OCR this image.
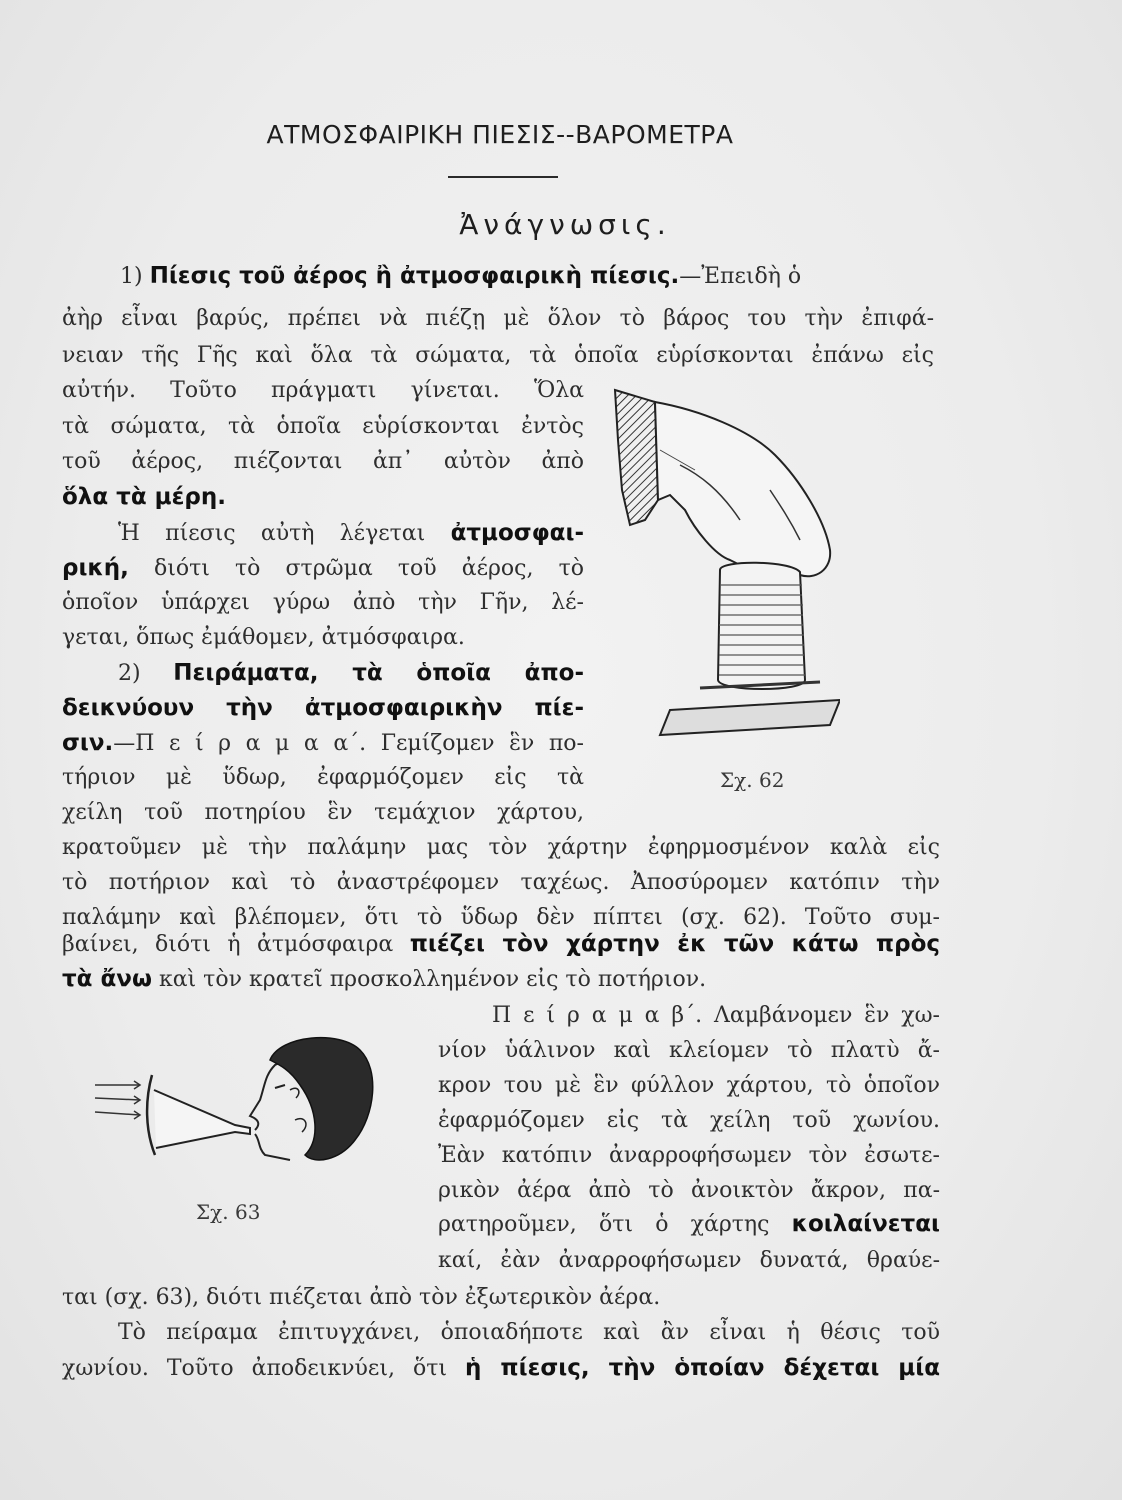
ΑΤΜΟΣΦΑΙΡΙΚΗ ΠΙΕΣΙΣ--ΒΑΡΟΜΕΤΡΑ
Ἀνάγνωσις.
1) Πίεσις τοῦ ἀέρος ἢ ἀτμοσφαιρικὴ πίεσις.—Ἐπειδὴ ὁ
ἀὴρ εἶναι βαρύς, πρέπει νὰ πιέζῃ μὲ ὅλον τὸ βάρος του τὴν ἐπιφά-
νειαν τῆς Γῆς καὶ ὅλα τὰ σώματα, τὰ ὁποῖα εὑρίσκονται ἐπάνω εἰς
αὐτήν. Τοῦτο πράγματι γίνεται. Ὅλα
τὰ σώματα, τὰ ὁποῖα εὑρίσκονται ἐντὸς
τοῦ ἀέρος, πιέζονται ἀπ᾽ αὐτὸν ἀπὸ
ὅλα τὰ μέρη.
Ἡ πίεσις αὐτὴ λέγεται ἀτμοσφαι-
ρική, διότι τὸ στρῶμα τοῦ ἀέρος, τὸ
ὁποῖον ὑπάρχει γύρω ἀπὸ τὴν Γῆν, λέ-
γεται, ὅπως ἐμάθομεν, ἀτμόσφαιρα.
2) Πειράματα, τὰ ὁποῖα ἀπο-
δεικνύουν τὴν ἀτμοσφαιρικὴν πίε-
σιν.—Π ε ί ρ α μ α α΄. Γεμίζομεν ἓν πο-
τήριον μὲ ὕδωρ, ἐφαρμόζομεν εἰς τὰ
χείλη τοῦ ποτηρίου ἓν τεμάχιον χάρτου,
κρατοῦμεν μὲ τὴν παλάμην μας τὸν χάρτην ἐφηρμοσμένον καλὰ εἰς
τὸ ποτήριον καὶ τὸ ἀναστρέφομεν ταχέως. Ἀποσύρομεν κατόπιν τὴν
παλάμην καὶ βλέπομεν, ὅτι τὸ ὕδωρ δὲν πίπτει (σχ. 62). Τοῦτο συμ-
βαίνει, διότι ἡ ἀτμόσφαιρα πιέζει τὸν χάρτην ἐκ τῶν κάτω πρὸς
τὰ ἄνω καὶ τὸν κρατεῖ προσκολλημένον εἰς τὸ ποτήριον.
Π ε ί ρ α μ α β΄. Λαμβάνομεν ἓν χω-
νίον ὑάλινον καὶ κλείομεν τὸ πλατὺ ἄ-
κρον του μὲ ἓν φύλλον χάρτου, τὸ ὁποῖον
ἐφαρμόζομεν εἰς τὰ χείλη τοῦ χωνίου.
Ἐὰν κατόπιν ἀναρροφήσωμεν τὸν ἐσωτε-
ρικὸν ἀέρα ἀπὸ τὸ ἀνοικτὸν ἄκρον, πα-
ρατηροῦμεν, ὅτι ὁ χάρτης κοιλαίνεται
καί, ἐὰν ἀναρροφήσωμεν δυνατά, θραύε-
ται (σχ. 63), διότι πιέζεται ἀπὸ τὸν ἐξωτερικὸν ἀέρα.
Τὸ πείραμα ἐπιτυγχάνει, ὁποιαδήποτε καὶ ἂν εἶναι ἡ θέσις τοῦ
χωνίου. Τοῦτο ἀποδεικνύει, ὅτι ἡ πίεσις, τὴν ὁποίαν δέχεται μία
Σχ. 62
Σχ. 63
